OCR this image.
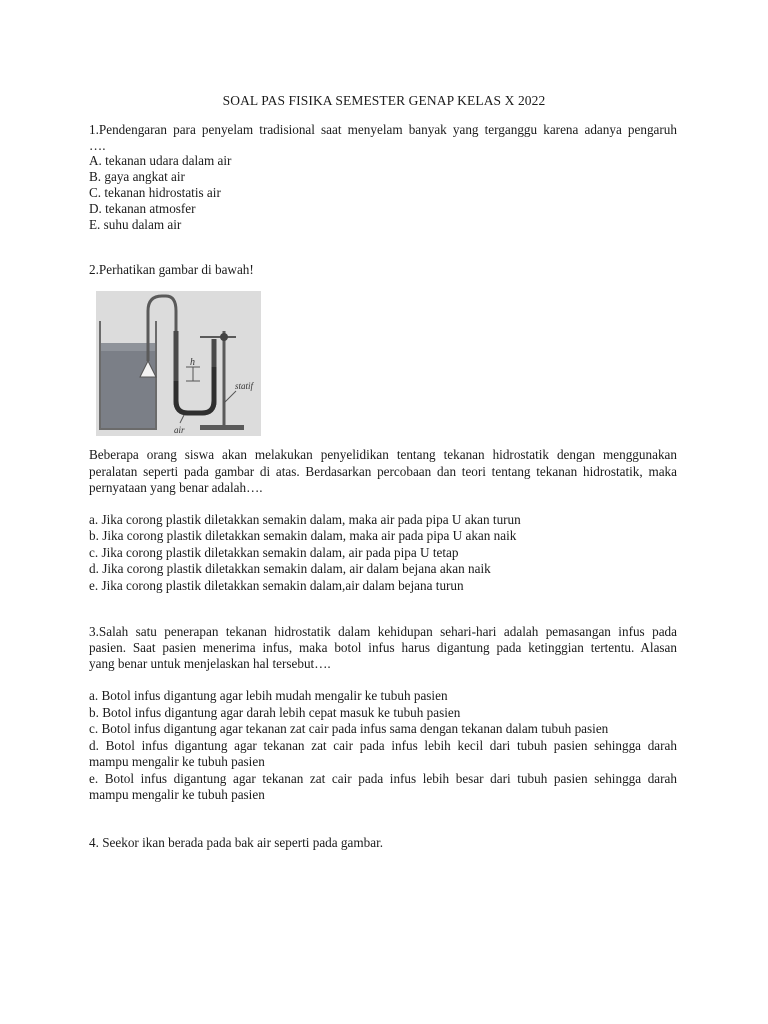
SOAL PAS FISIKA SEMESTER GENAP KELAS X 2022
1.Pendengaran para penyelam tradisional saat menyelam banyak yang terganggu karena adanya pengaruh
….
A. tekanan udara dalam air
B. gaya angkat air
C. tekanan hidrostatis air
D. tekanan atmosfer
E. suhu dalam air
2.Perhatikan gambar di bawah!
h
statif
air
Beberapa orang siswa akan melakukan penyelidikan tentang tekanan hidrostatik dengan menggunakan
peralatan seperti pada gambar di atas. Berdasarkan percobaan dan teori tentang tekanan hidrostatik, maka
pernyataan yang benar adalah….
a. Jika corong plastik diletakkan semakin dalam, maka air pada pipa U akan turun
b. Jika corong plastik diletakkan semakin dalam, maka air pada pipa U akan naik
c. Jika corong plastik diletakkan semakin dalam, air pada pipa U tetap
d. Jika corong plastik diletakkan semakin dalam, air dalam bejana akan naik
e. Jika corong plastik diletakkan semakin dalam,air dalam bejana turun
3.Salah satu penerapan tekanan hidrostatik dalam kehidupan sehari-hari adalah pemasangan infus pada
pasien. Saat pasien menerima infus, maka botol infus harus digantung pada ketinggian tertentu. Alasan
yang benar untuk menjelaskan hal tersebut….
a. Botol infus digantung agar lebih mudah mengalir ke tubuh pasien
b. Botol infus digantung agar darah lebih cepat masuk ke tubuh pasien
c. Botol infus digantung agar tekanan zat cair pada infus sama dengan tekanan dalam tubuh pasien
d. Botol infus digantung agar tekanan zat cair pada infus lebih kecil dari tubuh pasien sehingga darah
mampu mengalir ke tubuh pasien
e. Botol infus digantung agar tekanan zat cair pada infus lebih besar dari tubuh pasien sehingga darah
mampu mengalir ke tubuh pasien
4. Seekor ikan berada pada bak air seperti pada gambar.
